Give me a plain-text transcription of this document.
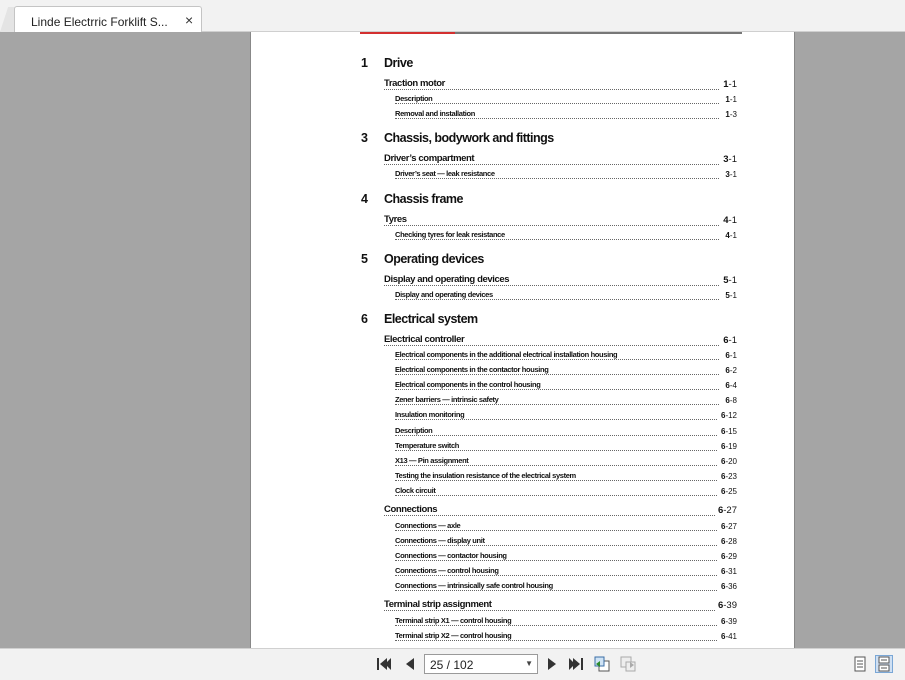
Linde Electrric Forklift S... ×
1 Drive
Traction motor	1-1
Description	1-1
Removal and installation	1-3
3 Chassis, bodywork and fittings
Driver’s compartment	3-1
Driver’s seat — leak resistance	3-1
4 Chassis frame
Tyres	4-1
Checking tyres for leak resistance	4-1
5 Operating devices
Display and operating devices	5-1
Display and operating devices	5-1
6 Electrical system
Electrical controller	6-1
Electrical components in the additional electrical installation housing	6-1
Electrical components in the contactor housing	6-2
Electrical components in the control housing	6-4
Zener barriers — intrinsic safety	6-8
Insulation monitoring	6-12
Description	6-15
Temperature switch	6-19
X13 — Pin assignment	6-20
Testing the insulation resistance of the electrical system	6-23
Clock circuit	6-25
Connections	6-27
Connections — axle	6-27
Connections — display unit	6-28
Connections — contactor housing	6-29
Connections — control housing	6-31
Connections — intrinsically safe control housing	6-36
Terminal strip assignment	6-39
Terminal strip X1 — control housing	6-39
Terminal strip X2 — control housing	6-41
25 / 102	▼
